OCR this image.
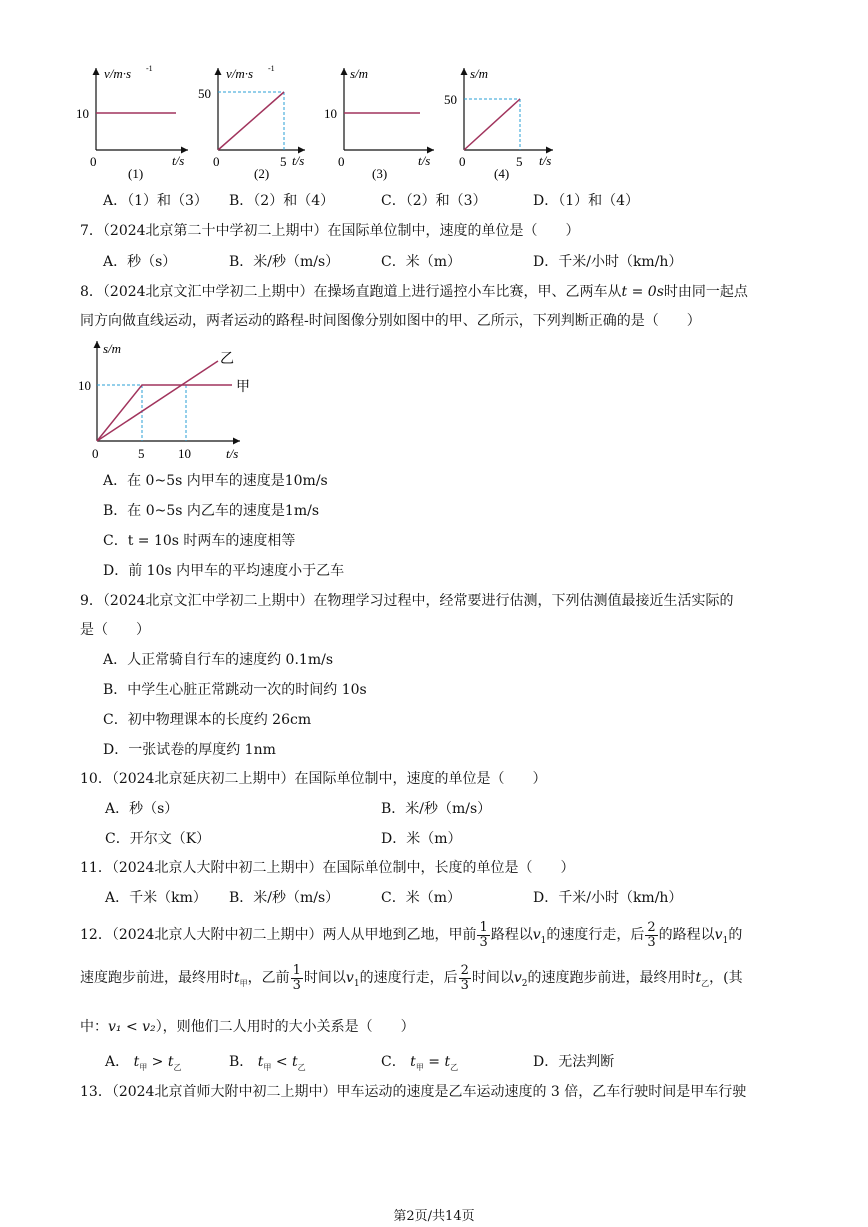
v/m·s -1
10
0	t/s
(1)
v/m·s -1
50
0	5 t/s
(2)
s/m
10
0	t/s
(3)
s/m
50
0	5 t/s
(4)
A．（1）和（3） B．（2）和（4）	C．（2）和（3）	D．（1）和（4）
7．（2024北京第二十中学初二上期中）在国际单位制中，速度的单位是（　　）
A．秒（s）	B．米/秒（m/s）	C．米（m）	D．千米/小时（km/h）
8．（2024北京文汇中学初二上期中）在操场直跑道上进行遥控小车比赛，甲、乙两车从t = 0s时由同一起点
同方向做直线运动，两者运动的路程-时间图像分别如图中的甲、乙所示，下列判断正确的是（　　）
s/m
10
0	5	10	t/s
乙
甲
A．在 0~5s 内甲车的速度是10m/s
B．在 0~5s 内乙车的速度是1m/s
C．t = 10s 时两车的速度相等
D．前 10s 内甲车的平均速度小于乙车
9．（2024北京文汇中学初二上期中）在物理学习过程中，经常要进行估测，下列估测值最接近生活实际的
是（　　）
A．人正常骑自行车的速度约 0.1m/s
B．中学生心脏正常跳动一次的时间约 10s
C．初中物理课本的长度约 26cm
D．一张试卷的厚度约 1nm
10．（2024北京延庆初二上期中）在国际单位制中，速度的单位是（　　）
A．秒（s）	B．米/秒（m/s）
C．开尔文（K）	D．米（m）
11．（2024北京人大附中初二上期中）在国际单位制中，长度的单位是（　　）
A．千米（km） B．米/秒（m/s）	C．米（m）	D．千米/小时（km/h）
12．（2024北京人大附中初二上期中）两人从甲地到乙地，甲前 $\frac{1}{3}$ 路程以$v_1$的速度行走，后 $\frac{2}{3}$ 的路程以$v_1$的
速度跑步前进，最终用时$t_甲$，乙前 $\frac{1}{3}$ 时间以$v_1$的速度行走，后 $\frac{2}{3}$ 时间以$v_2$的速度跑步前进，最终用时$t_乙$，(其
中：v₁ < v₂），则他们二人用时的大小关系是（　　）
A． $t_甲 > t_乙$	B． $t_甲 < t_乙$	C． $t_甲 = t_乙$	D．无法判断
13．（2024北京首师大附中初二上期中）甲车运动的速度是乙车运动速度的 3 倍，乙车行驶时间是甲车行驶
第2页/共14页
